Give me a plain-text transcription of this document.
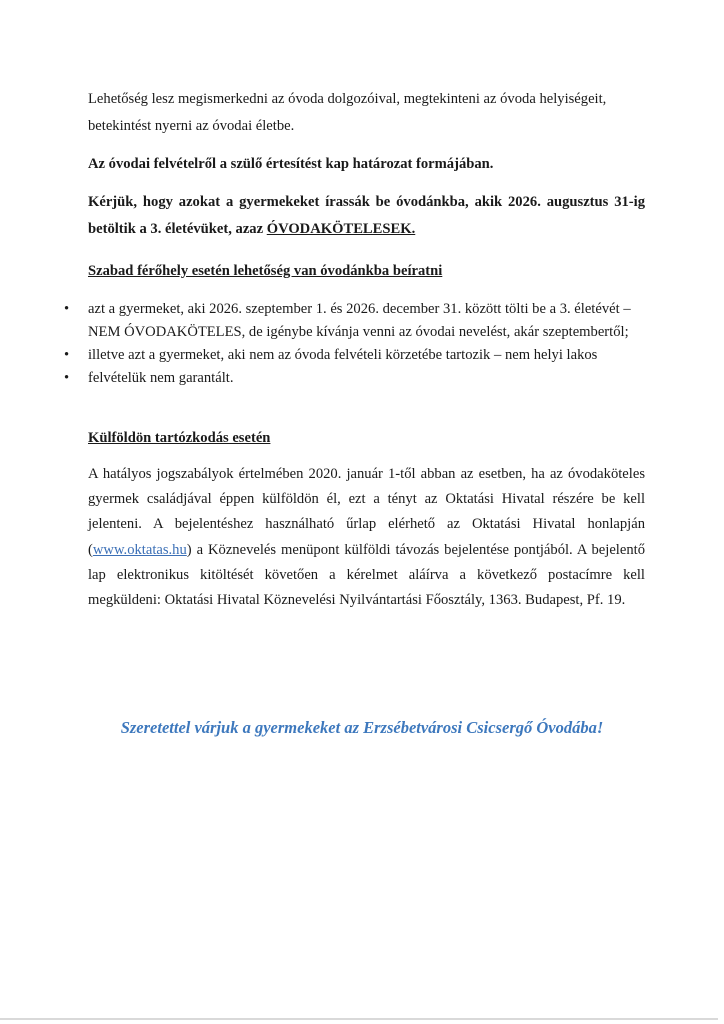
Lehetőség lesz megismerkedni az óvoda dolgozóival, megtekinteni az óvoda helyiségeit,
betekintést nyerni az óvodai életbe.

Az óvodai felvételről a szülő értesítést kap határozat formájában.

Kérjük, hogy azokat a gyermekeket írassák be óvodánkba, akik 2026. augusztus 31-ig betöltik a 3. életévüket, azaz ÓVODAKÖTELESEK.

Szabad férőhely esetén lehetőség van óvodánkba beíratni

• azt a gyermeket, aki 2026. szeptember 1. és 2026. december 31. között tölti be a 3. életévét – NEM ÓVODAKÖTELES, de igénybe kívánja venni az óvodai nevelést, akár szeptembertől;
• illetve azt a gyermeket, aki nem az óvoda felvételi körzetébe tartozik – nem helyi lakos
• felvételük nem garantált.

Külföldön tartózkodás esetén

A hatályos jogszabályok értelmében 2020. január 1-től abban az esetben, ha az óvodaköteles gyermek családjával éppen külföldön él, ezt a tényt az Oktatási Hivatal részére be kell jelenteni. A bejelentéshez használható űrlap elérhető az Oktatási Hivatal honlapján (www.oktatas.hu) a Köznevelés menüpont külföldi távozás bejelentése pontjából. A bejelentő lap elektronikus kitöltését követően a kérelmet aláírva a következő postacímre kell megküldeni: Oktatási Hivatal Köznevelési Nyilvántartási Főosztály, 1363. Budapest, Pf. 19.

Szeretettel várjuk a gyermekeket az Erzsébetvárosi Csicsergő Óvodába!
